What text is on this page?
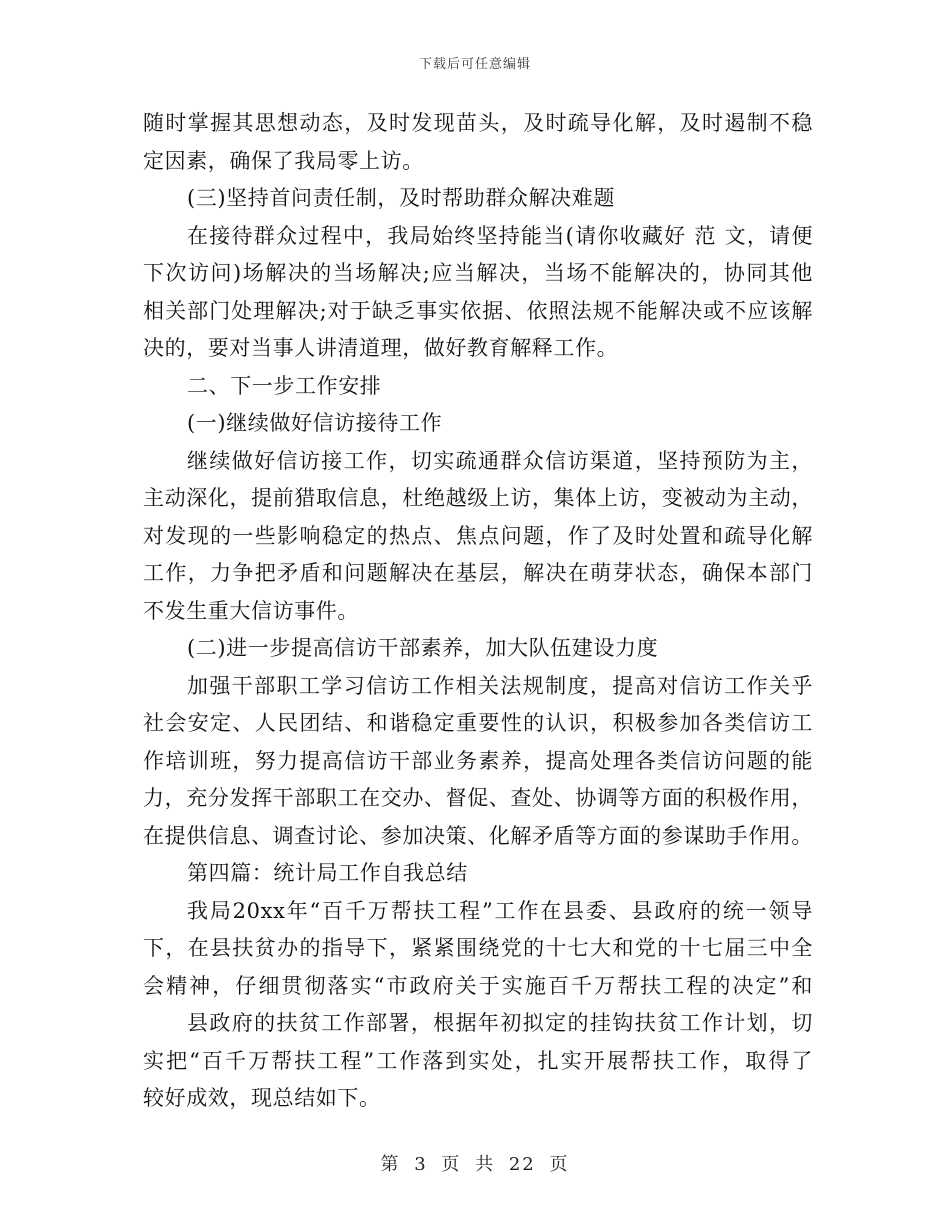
下载后可任意编辑
随时掌握其思想动态，及时发现苗头，及时疏导化解，及时遏制不稳
定因素，确保了我局零上访。
(三)坚持首问责任制，及时帮助群众解决难题
在接待群众过程中，我局始终坚持能当(请你收藏好 范 文，请便
下次访问)场解决的当场解决;应当解决，当场不能解决的，协同其他
相关部门处理解决;对于缺乏事实依据、依照法规不能解决或不应该解
决的，要对当事人讲清道理，做好教育解释工作。
二、下一步工作安排
(一)继续做好信访接待工作
继续做好信访接工作，切实疏通群众信访渠道，坚持预防为主，
主动深化，提前猎取信息，杜绝越级上访，集体上访，变被动为主动，
对发现的一些影响稳定的热点、焦点问题，作了及时处置和疏导化解
工作，力争把矛盾和问题解决在基层，解决在萌芽状态，确保本部门
不发生重大信访事件。
(二)进一步提高信访干部素养，加大队伍建设力度
加强干部职工学习信访工作相关法规制度，提高对信访工作关乎
社会安定、人民团结、和谐稳定重要性的认识，积极参加各类信访工
作培训班，努力提高信访干部业务素养，提高处理各类信访问题的能
力，充分发挥干部职工在交办、督促、查处、协调等方面的积极作用，
在提供信息、调查讨论、参加决策、化解矛盾等方面的参谋助手作用。
第四篇：统计局工作自我总结
我局20xx年“百千万帮扶工程”工作在县委、县政府的统一领导
下，在县扶贫办的指导下，紧紧围绕党的十七大和党的十七届三中全
会精神，仔细贯彻落实“市政府关于实施百千万帮扶工程的决定”和
县政府的扶贫工作部署，根据年初拟定的挂钩扶贫工作计划，切
实把“百千万帮扶工程”工作落到实处，扎实开展帮扶工作，取得了
较好成效，现总结如下。
第 3 页 共 22 页
